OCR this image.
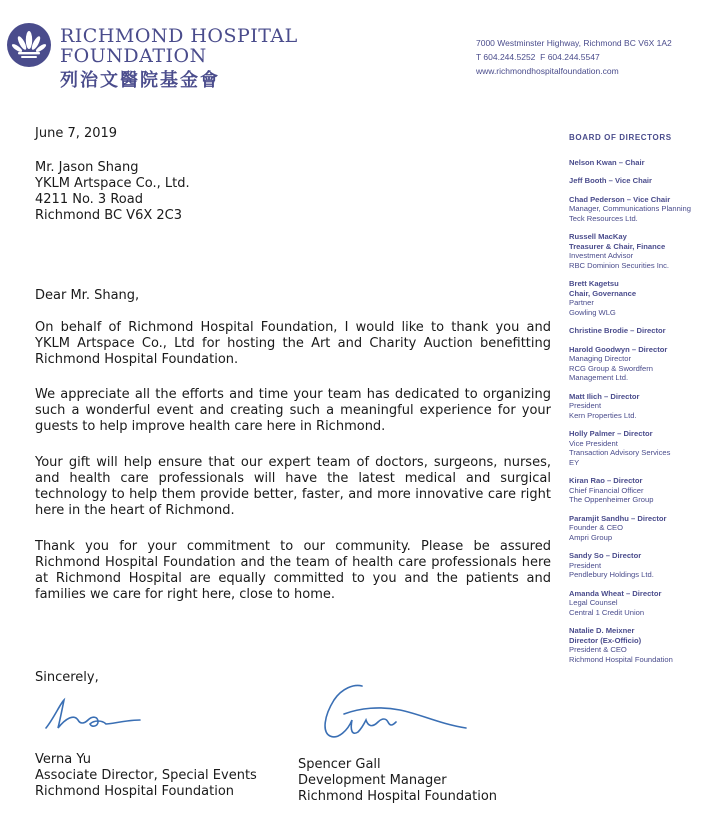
RICHMOND HOSPITAL
FOUNDATION
列治文醫院基金會
7000 Westminster Highway, Richmond BC V6X 1A2
T 604.244.5252 F 604.244.5547
www.richmondhospitalfoundation.com
June 7, 2019
Mr. Jason Shang
YKLM Artspace Co., Ltd.
4211 No. 3 Road
Richmond BC V6X 2C3
Dear Mr. Shang,
On behalf of Richmond Hospital Foundation, I would like to thank you and YKLM Artspace Co., Ltd for hosting the Art and Charity Auction benefitting Richmond Hospital Foundation.
We appreciate all the efforts and time your team has dedicated to organizing such a wonderful event and creating such a meaningful experience for your guests to help improve health care here in Richmond.
Your gift will help ensure that our expert team of doctors, surgeons, nurses, and health care professionals will have the latest medical and surgical technology to help them provide better, faster, and more innovative care right here in the heart of Richmond.
Thank you for your commitment to our community. Please be assured Richmond Hospital Foundation and the team of health care professionals here at Richmond Hospital are equally committed to you and the patients and families we care for right here, close to home.
Sincerely,
Verna Yu
Associate Director, Special Events
Richmond Hospital Foundation
Spencer Gall
Development Manager
Richmond Hospital Foundation
BOARD OF DIRECTORS
Nelson Kwan – Chair
Jeff Booth – Vice Chair
Chad Pederson – Vice Chair
Manager, Communications Planning
Teck Resources Ltd.
Russell MacKay
Treasurer & Chair, Finance
Investment Advisor
RBC Dominion Securities Inc.
Brett Kagetsu
Chair, Governance
Partner
Gowling WLG
Christine Brodie – Director
Harold Goodwyn – Director
Managing Director
RCG Group & Swordfern
Management Ltd.
Matt Ilich – Director
President
Kern Properties Ltd.
Holly Palmer – Director
Vice President
Transaction Advisory Services
EY
Kiran Rao – Director
Chief Financial Officer
The Oppenheimer Group
Paramjit Sandhu – Director
Founder & CEO
Ampri Group
Sandy So – Director
President
Pendlebury Holdings Ltd.
Amanda Wheat – Director
Legal Counsel
Central 1 Credit Union
Natalie D. Meixner
Director (Ex-Officio)
President & CEO
Richmond Hospital Foundation
